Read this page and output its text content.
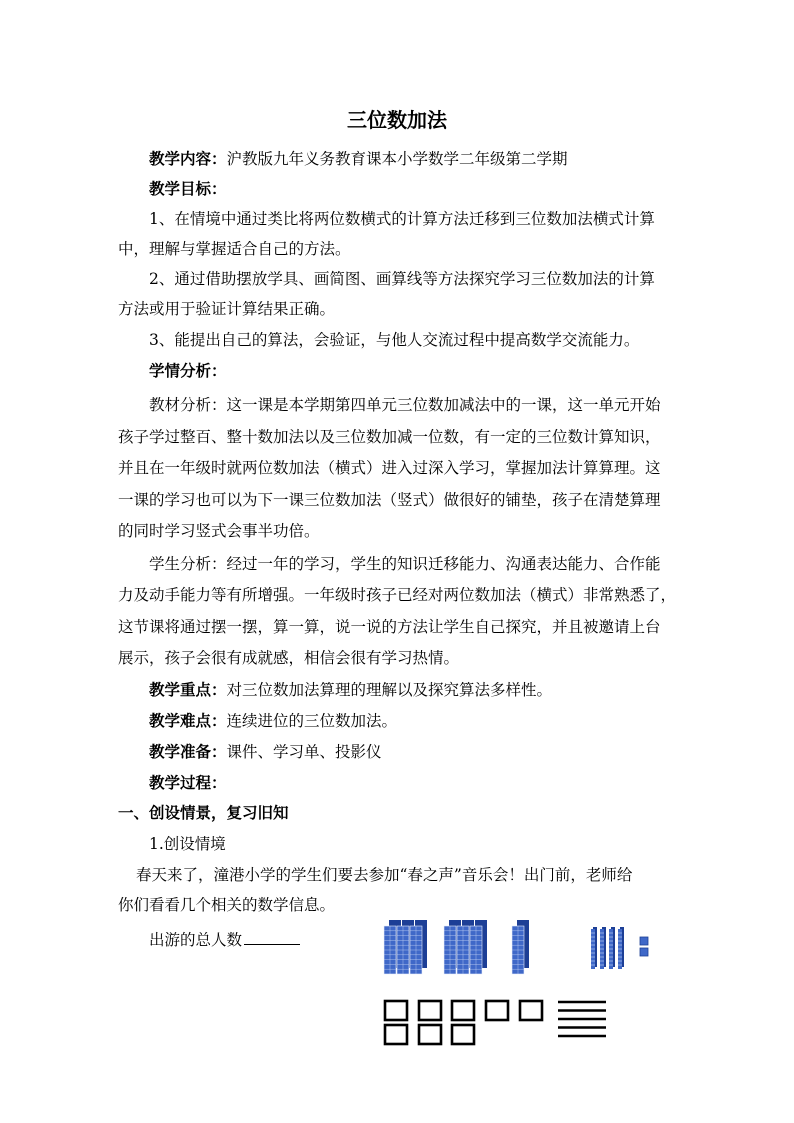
三位数加法
教学内容：沪教版九年义务教育课本小学数学二年级第二学期
教学目标：
1、在情境中通过类比将两位数横式的计算方法迁移到三位数加法横式计算
中，理解与掌握适合自己的方法。
2、通过借助摆放学具、画简图、画算线等方法探究学习三位数加法的计算
方法或用于验证计算结果正确。
3、能提出自己的算法，会验证，与他人交流过程中提高数学交流能力。
学情分析：
教材分析：这一课是本学期第四单元三位数加减法中的一课，这一单元开始
孩子学过整百、整十数加法以及三位数加减一位数，有一定的三位数计算知识，
并且在一年级时就两位数加法（横式）进入过深入学习，掌握加法计算算理。这
一课的学习也可以为下一课三位数加法（竖式）做很好的铺垫，孩子在清楚算理
的同时学习竖式会事半功倍。
学生分析：经过一年的学习，学生的知识迁移能力、沟通表达能力、合作能
力及动手能力等有所增强。一年级时孩子已经对两位数加法（横式）非常熟悉了，
这节课将通过摆一摆，算一算，说一说的方法让学生自己探究，并且被邀请上台
展示，孩子会很有成就感，相信会很有学习热情。
教学重点：对三位数加法算理的理解以及探究算法多样性。
教学难点：连续进位的三位数加法。
教学准备：课件、学习单、投影仪
教学过程：
一、创设情景，复习旧知
1.创设情境
春天来了，潼港小学的学生们要去参加“春之声”音乐会！出门前，老师给
你们看看几个相关的数学信息。
出游的总人数
